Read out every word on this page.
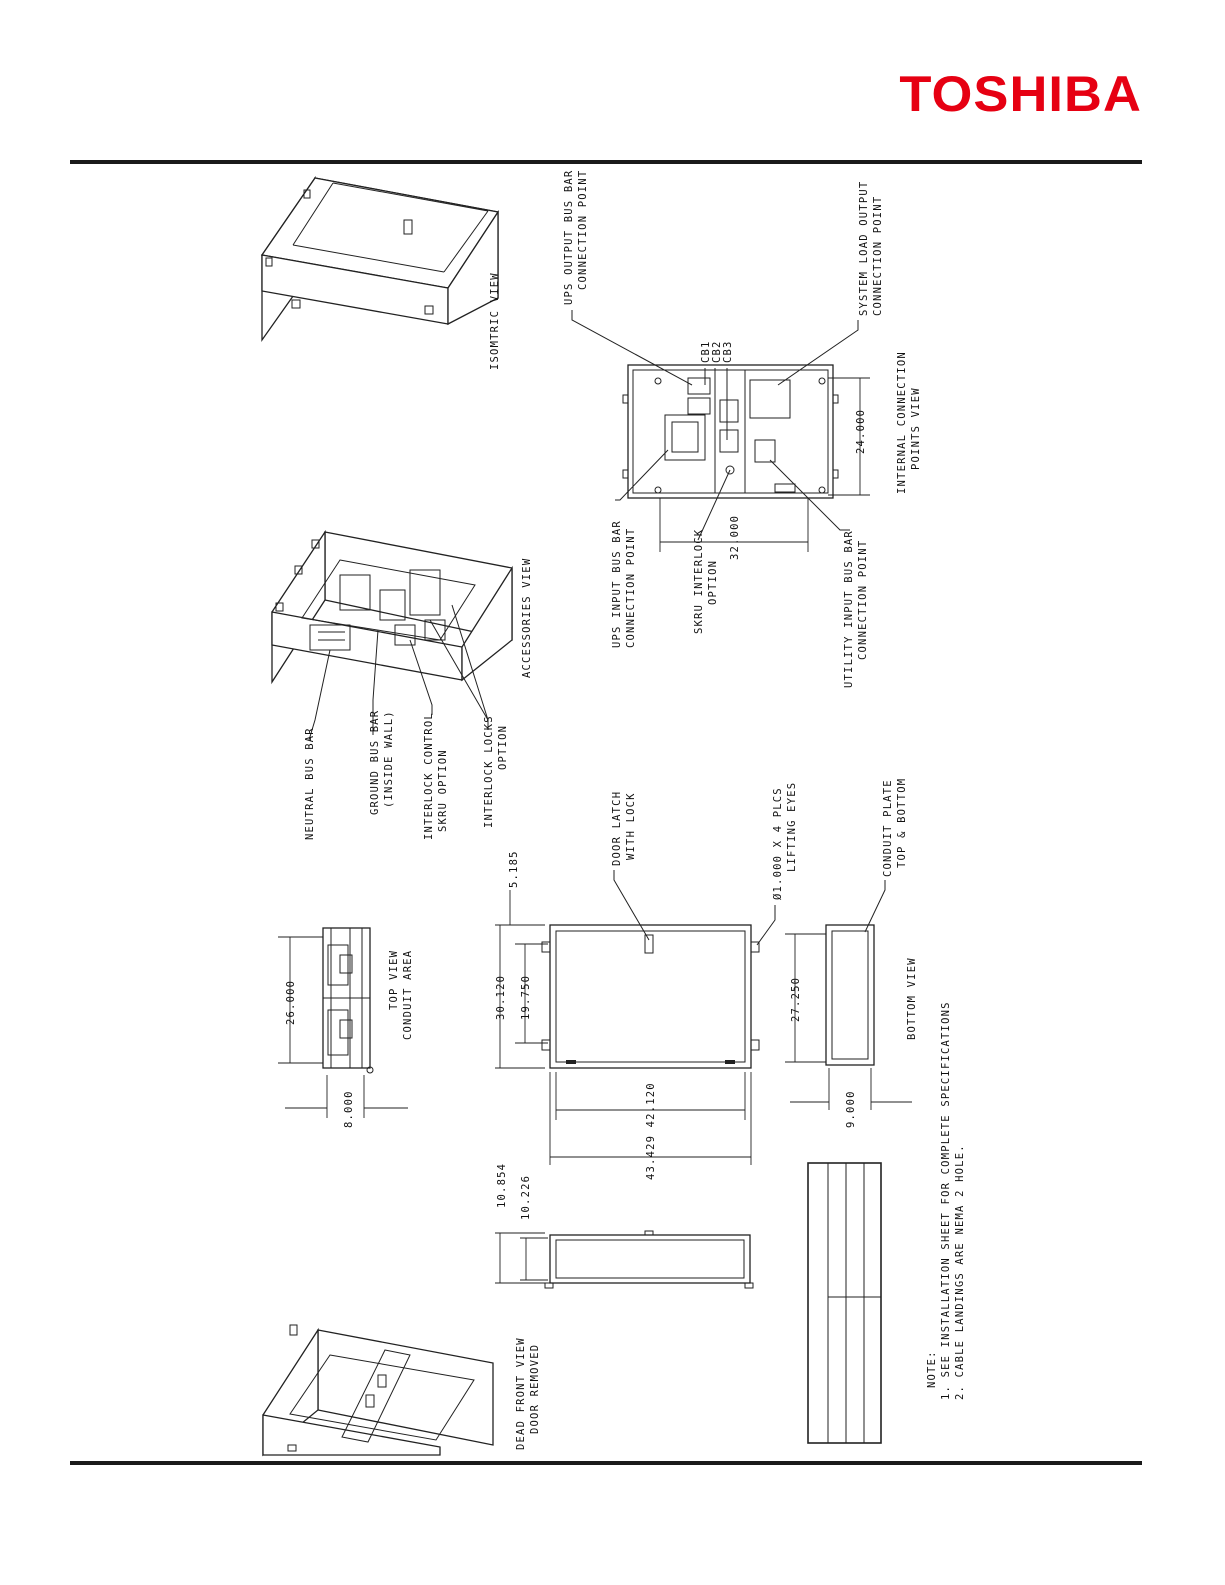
TOSHIBA
ISOMTRIC VIEW
UPS OUTPUT BUS BAR CONNECTION POINT
CB1 CB2 CB3
SYSTEM LOAD OUTPUT CONNECTION POINT
UPS INPUT BUS BAR CONNECTION POINT	SKRU INTERLOCK OPTION	UTILITY INPUT BUS BAR CONNECTION POINT
24.000
32.000
INTERNAL CONNECTION POINTS VIEW
NEUTRAL BUS BAR	GROUND BUS BAR (INSIDE WALL)	INTERLOCK CONTROL SKRU OPTION	INTERLOCK LOCKS OPTION
ACCESSORIES VIEW
26.000
8.000
TOP VIEW CONDUIT AREA
DOOR LATCH WITH LOCK	Ø1.000 X 4 PLCS LIFTING EYES
5.185
30.120 19.750
43.429 42.120
CONDUIT PLATE TOP & BOTTOM
27.250
9.000
BOTTOM VIEW
10.854 10.226
DEAD FRONT VIEW DOOR REMOVED	NOTE: 1. SEE INSTALLATION SHEET FOR COMPLETE SPECIFICATIONS 2. CABLE LANDINGS ARE NEMA 2 HOLE.
